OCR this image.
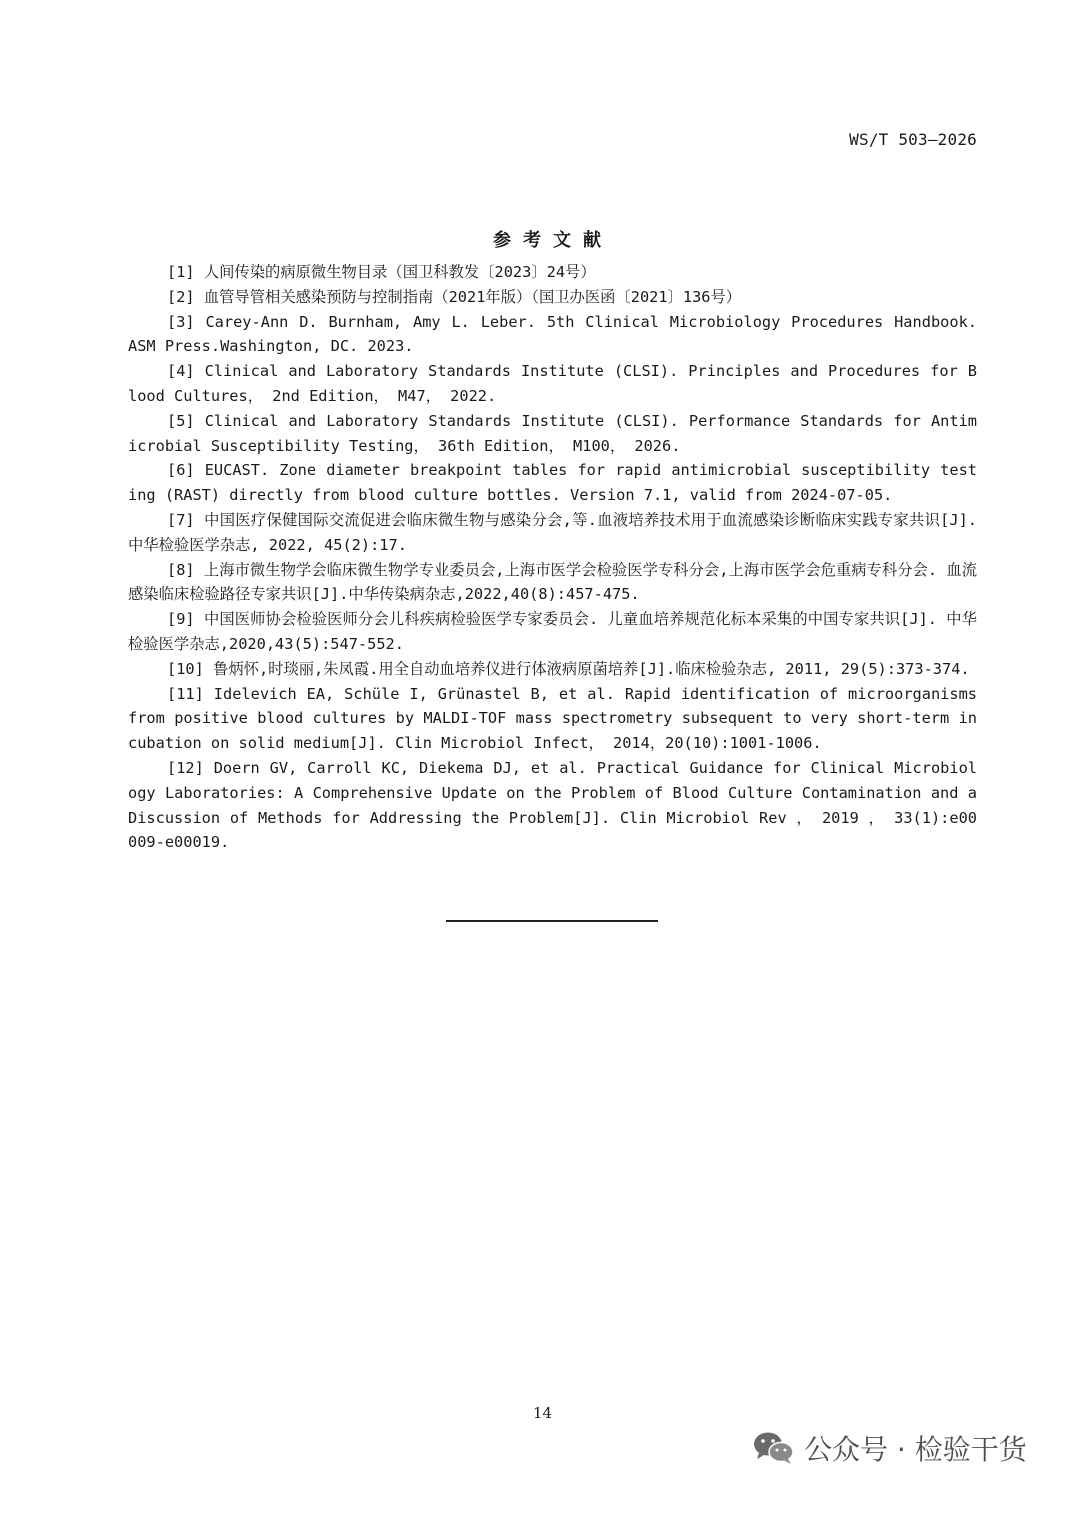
WS/T 503—2026
参考文献
[1] 人间传染的病原微生物目录（国卫科教发〔2023〕24号）
[2] 血管导管相关感染预防与控制指南（2021年版）（国卫办医函〔2021〕136号）
[3] Carey-Ann D. Burnham, Amy L. Leber. 5th Clinical Microbiology Procedures Handbook. ASM Press.Washington, DC. 2023.
[4] Clinical and Laboratory Standards Institute (CLSI). Principles and Procedures for Blood Cultures， 2nd Edition， M47， 2022.
[5] Clinical and Laboratory Standards Institute (CLSI). Performance Standards for Antimicrobial Susceptibility Testing， 36th Edition， M100， 2026.
[6] EUCAST. Zone diameter breakpoint tables for rapid antimicrobial susceptibility testing (RAST) directly from blood culture bottles. Version 7.1, valid from 2024-07-05.
[7] 中国医疗保健国际交流促进会临床微生物与感染分会,等.血液培养技术用于血流感染诊断临床实践专家共识[J].中华检验医学杂志, 2022, 45(2):17.
[8] 上海市微生物学会临床微生物学专业委员会,上海市医学会检验医学专科分会,上海市医学会危重病专科分会. 血流感染临床检验路径专家共识[J].中华传染病杂志,2022,40(8):457-475.
[9] 中国医师协会检验医师分会儿科疾病检验医学专家委员会. 儿童血培养规范化标本采集的中国专家共识[J]. 中华检验医学杂志,2020,43(5):547-552.
[10] 鲁炳怀,时琰丽,朱凤霞.用全自动血培养仪进行体液病原菌培养[J].临床检验杂志, 2011, 29(5):373-374.
[11] Idelevich EA, Schüle I, Grünastel B, et al. Rapid identification of microorganisms from positive blood cultures by MALDI-TOF mass spectrometry subsequent to very short-term incubation on solid medium[J]. Clin Microbiol Infect， 2014，20(10):1001-1006.
[12] Doern GV, Carroll KC, Diekema DJ, et al. Practical Guidance for Clinical Microbiology Laboratories: A Comprehensive Update on the Problem of Blood Culture Contamination and a Discussion of Methods for Addressing the Problem[J]. Clin Microbiol Rev ， 2019 ， 33(1):e00009-e00019.
14
公众号 · 检验干货
